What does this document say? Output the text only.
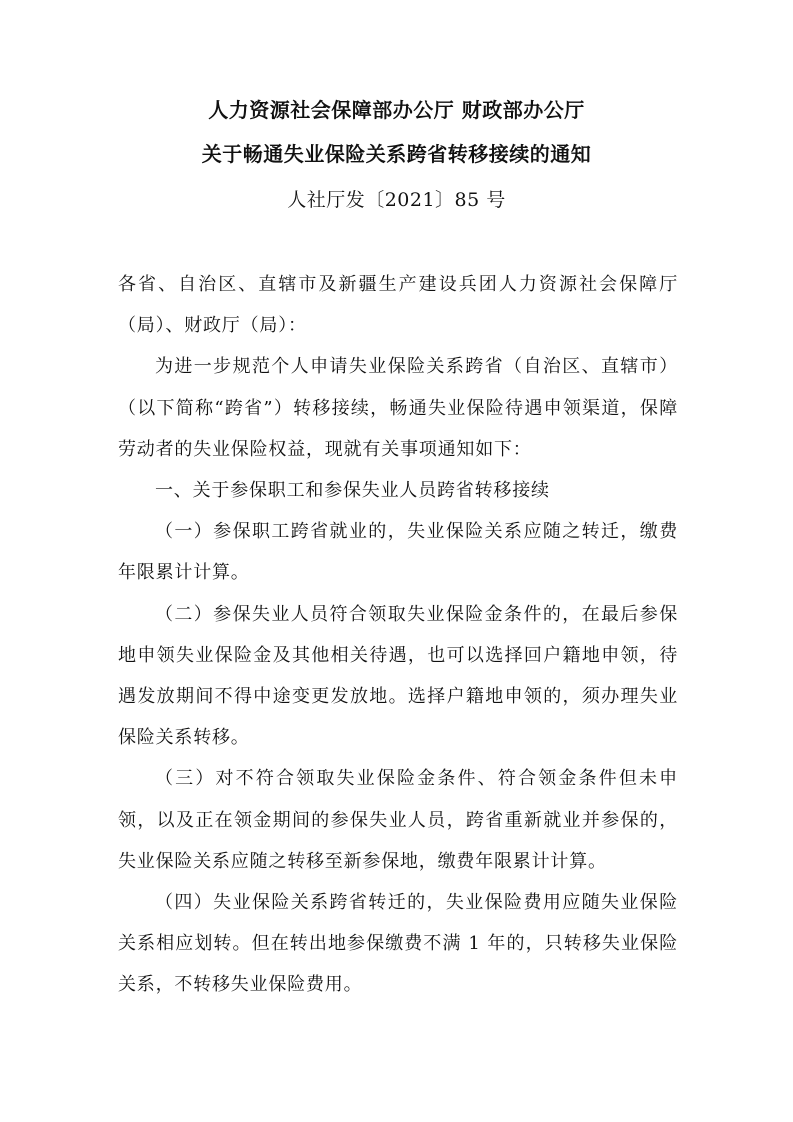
人力资源社会保障部办公厅 财政部办公厅
关于畅通失业保险关系跨省转移接续的通知
人社厅发〔2021〕85 号

各省、自治区、直辖市及新疆生产建设兵团人力资源社会保障厅（局）、财政厅（局）：

为进一步规范个人申请失业保险关系跨省（自治区、直辖市）（以下简称“跨省”）转移接续，畅通失业保险待遇申领渠道，保障劳动者的失业保险权益，现就有关事项通知如下：

一、关于参保职工和参保失业人员跨省转移接续

（一）参保职工跨省就业的，失业保险关系应随之转迁，缴费年限累计计算。

（二）参保失业人员符合领取失业保险金条件的，在最后参保地申领失业保险金及其他相关待遇，也可以选择回户籍地申领，待遇发放期间不得中途变更发放地。选择户籍地申领的，须办理失业保险关系转移。

（三）对不符合领取失业保险金条件、符合领金条件但未申领，以及正在领金期间的参保失业人员，跨省重新就业并参保的，失业保险关系应随之转移至新参保地，缴费年限累计计算。

（四）失业保险关系跨省转迁的，失业保险费用应随失业保险关系相应划转。但在转出地参保缴费不满 1 年的，只转移失业保险关系，不转移失业保险费用。
